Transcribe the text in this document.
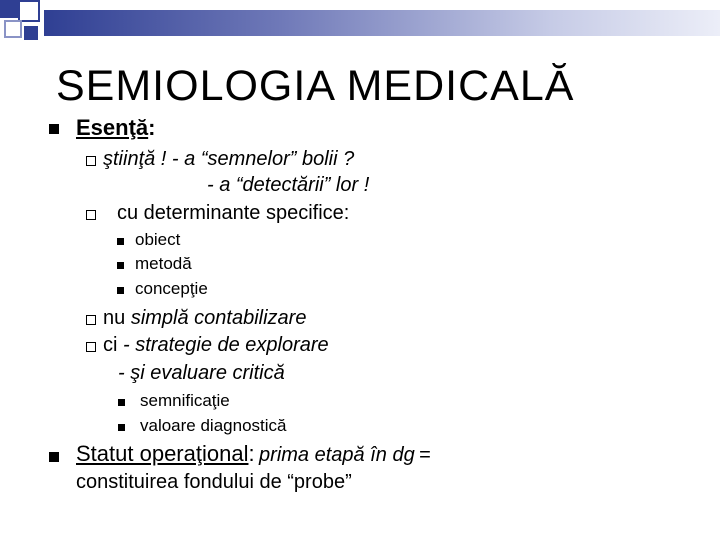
SEMIOLOGIA MEDICALĂ
Esenţă:
ştiinţă ! - a “semnelor” bolii ?
- a “detectării” lor !
cu determinante specifice:
obiect
metodă
concepţie
nu simplă contabilizare
ci - strategie de explorare
- şi evaluare critică
semnificaţie
valoare diagnostică
Statut operaţional: prima etapă în dg =
constituirea fondului de “probe”
